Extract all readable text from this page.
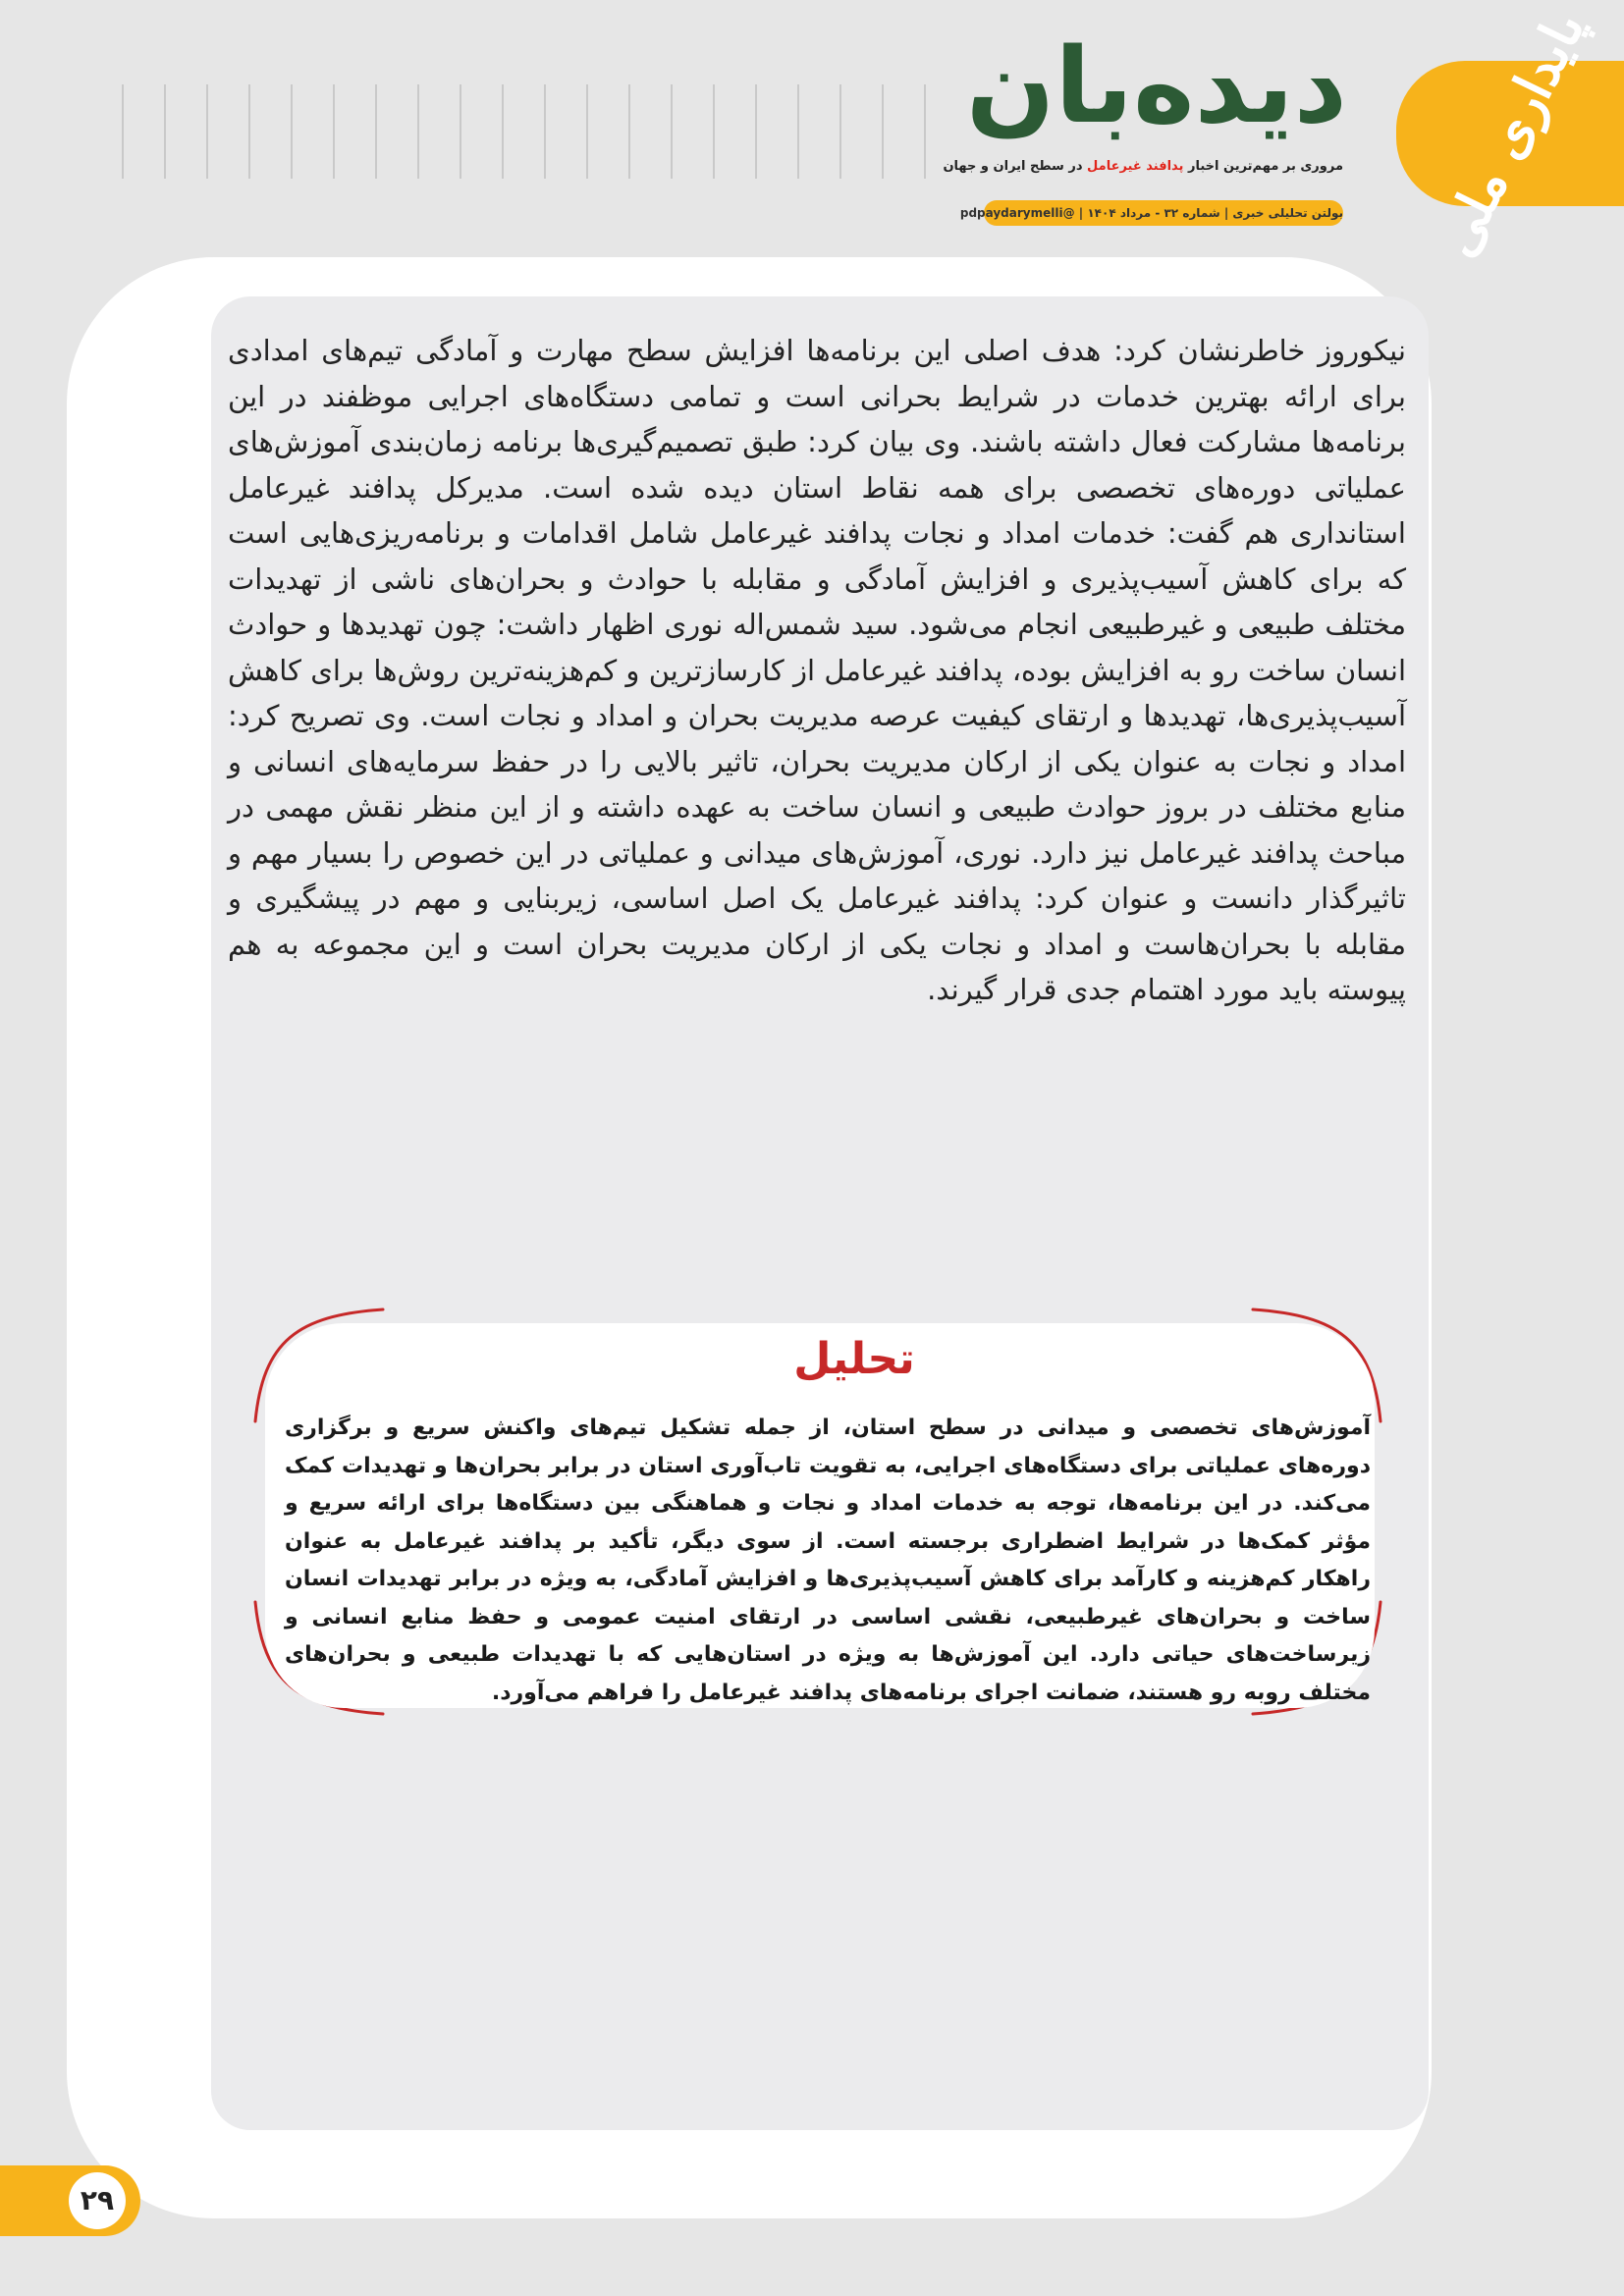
پایداری ملی
دیده‌بان
مروری بر مهم‌ترین اخبار پدافند غیرعامل در سطح ایران و جهان
بولتن تحلیلی خبری | شماره ۳۲ - مرداد ۱۴۰۴ | @pdpaydarymelli

نیکوروز خاطرنشان کرد: هدف اصلی این برنامه‌ها افزایش سطح مهارت و آمادگی تیم‌های امدادی برای ارائه بهترین خدمات در شرایط بحرانی است و تمامی دستگاه‌های اجرایی موظفند در این برنامه‌ها مشارکت فعال داشته باشند. وی بیان کرد: طبق تصمیم‌گیری‌ها برنامه زمان‌بندی آموزش‌های عملیاتی دوره‌های تخصصی برای همه نقاط استان دیده شده است. مدیرکل پدافند غیرعامل استانداری هم گفت: خدمات امداد و نجات پدافند غیرعامل شامل اقدامات و برنامه‌ریزی‌هایی است که برای کاهش آسیب‌پذیری و افزایش آمادگی و مقابله با حوادث و بحران‌های ناشی از تهدیدات مختلف طبیعی و غیرطبیعی انجام می‌شود. سید شمس‌اله نوری اظهار داشت: چون تهدیدها و حوادث انسان ساخت رو به افزایش بوده، پدافند غیرعامل از کارسازترین و کم‌هزینه‌ترین روش‌ها برای کاهش آسیب‌پذیری‌ها، تهدیدها و ارتقای کیفیت عرصه مدیریت بحران و امداد و نجات است. وی تصریح کرد: امداد و نجات به عنوان یکی از ارکان مدیریت بحران، تاثیر بالایی را در حفظ سرمایه‌های انسانی و منابع مختلف در بروز حوادث طبیعی و انسان ساخت به عهده داشته و از این منظر نقش مهمی در مباحث پدافند غیرعامل نیز دارد. نوری، آموزش‌های میدانی و عملیاتی در این خصوص را بسیار مهم و تاثیرگذار دانست و عنوان کرد: پدافند غیرعامل یک اصل اساسی، زیربنایی و مهم در پیشگیری و مقابله با بحران‌هاست و امداد و نجات یکی از ارکان مدیریت بحران است و این مجموعه به هم پیوسته باید مورد اهتمام جدی قرار گیرند.

تحلیل

آموزش‌های تخصصی و میدانی در سطح استان، از جمله تشکیل تیم‌های واکنش سریع و برگزاری دوره‌های عملیاتی برای دستگاه‌های اجرایی، به تقویت تاب‌آوری استان در برابر بحران‌ها و تهدیدات کمک می‌کند. در این برنامه‌ها، توجه به خدمات امداد و نجات و هماهنگی بین دستگاه‌ها برای ارائه سریع و مؤثر کمک‌ها در شرایط اضطراری برجسته است. از سوی دیگر، تأکید بر پدافند غیرعامل به عنوان راهکار کم‌هزینه و کارآمد برای کاهش آسیب‌پذیری‌ها و افزایش آمادگی، به ویژه در برابر تهدیدات انسان ساخت و بحران‌های غیرطبیعی، نقشی اساسی در ارتقای امنیت عمومی و حفظ منابع انسانی و زیرساخت‌های حیاتی دارد. این آموزش‌ها به ویژه در استان‌هایی که با تهدیدات طبیعی و بحران‌های مختلف روبه رو هستند، ضمانت اجرای برنامه‌های پدافند غیرعامل را فراهم می‌آورد.

۲۹
